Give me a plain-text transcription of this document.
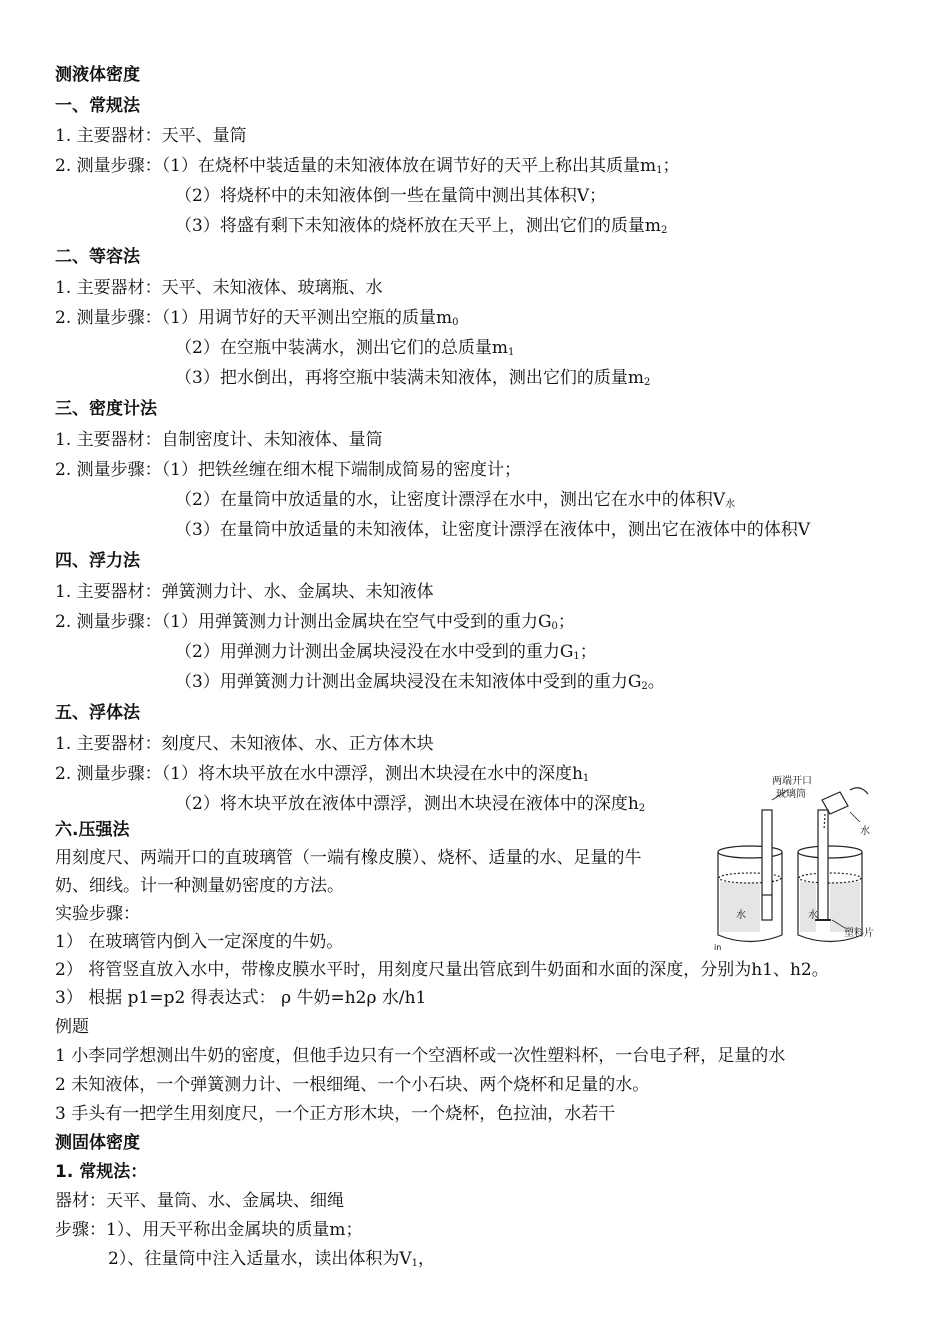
测液体密度
一、常规法
1. 主要器材：天平、量筒
2. 测量步骤：（1）在烧杯中装适量的未知液体放在调节好的天平上称出其质量$m_1$；
（2）将烧杯中的未知液体倒一些在量筒中测出其体积V；
（3）将盛有剩下未知液体的烧杯放在天平上，测出它们的质量$m_2$
二、等容法
1. 主要器材：天平、未知液体、玻璃瓶、水
2. 测量步骤：（1）用调节好的天平测出空瓶的质量$m_0$
（2）在空瓶中装满水，测出它们的总质量$m_1$
（3）把水倒出，再将空瓶中装满未知液体，测出它们的质量$m_2$
三、密度计法
1. 主要器材：自制密度计、未知液体、量筒
2. 测量步骤：（1）把铁丝缠在细木棍下端制成简易的密度计；
（2）在量筒中放适量的水，让密度计漂浮在水中，测出它在水中的体积$V_水$
（3）在量筒中放适量的未知液体，让密度计漂浮在液体中，测出它在液体中的体积V
四、浮力法
1. 主要器材：弹簧测力计、水、金属块、未知液体
2. 测量步骤：（1）用弹簧测力计测出金属块在空气中受到的重力$G_0$；
（2）用弹测力计测出金属块浸没在水中受到的重力$G_1$；
（3）用弹簧测力计测出金属块浸没在未知液体中受到的重力$G_2$。
五、浮体法
1. 主要器材：刻度尺、未知液体、水、正方体木块
2. 测量步骤：（1）将木块平放在水中漂浮，测出木块浸在水中的深度$h_1$
（2）将木块平放在液体中漂浮，测出木块浸在液体中的深度$h_2$
六.压强法
用刻度尺、两端开口的直玻璃管（一端有橡皮膜）、烧杯、适量的水、足量的牛
奶、细线。计一种测量奶密度的方法。
实验步骤：
1） 在玻璃管内倒入一定深度的牛奶。
2） 将管竖直放入水中，带橡皮膜水平时，用刻度尺量出管底到牛奶面和水面的深度，分别为h1、h2。
3） 根据 p1=p2 得表达式： ρ 牛奶=h2ρ 水/h1
两端开口
玻璃筒
水
水	水
塑料片
in
例题
1 小李同学想测出牛奶的密度，但他手边只有一个空酒杯或一次性塑料杯，一台电子秤，足量的水
2 未知液体，一个弹簧测力计、一根细绳、一个小石块、两个烧杯和足量的水。
3 手头有一把学生用刻度尺，一个正方形木块，一个烧杯，色拉油，水若干
测固体密度
1. 常规法：
器材：天平、量筒、水、金属块、细绳
步骤：1）、用天平称出金属块的质量m；
2）、往量筒中注入适量水，读出体积为$V_1$，
